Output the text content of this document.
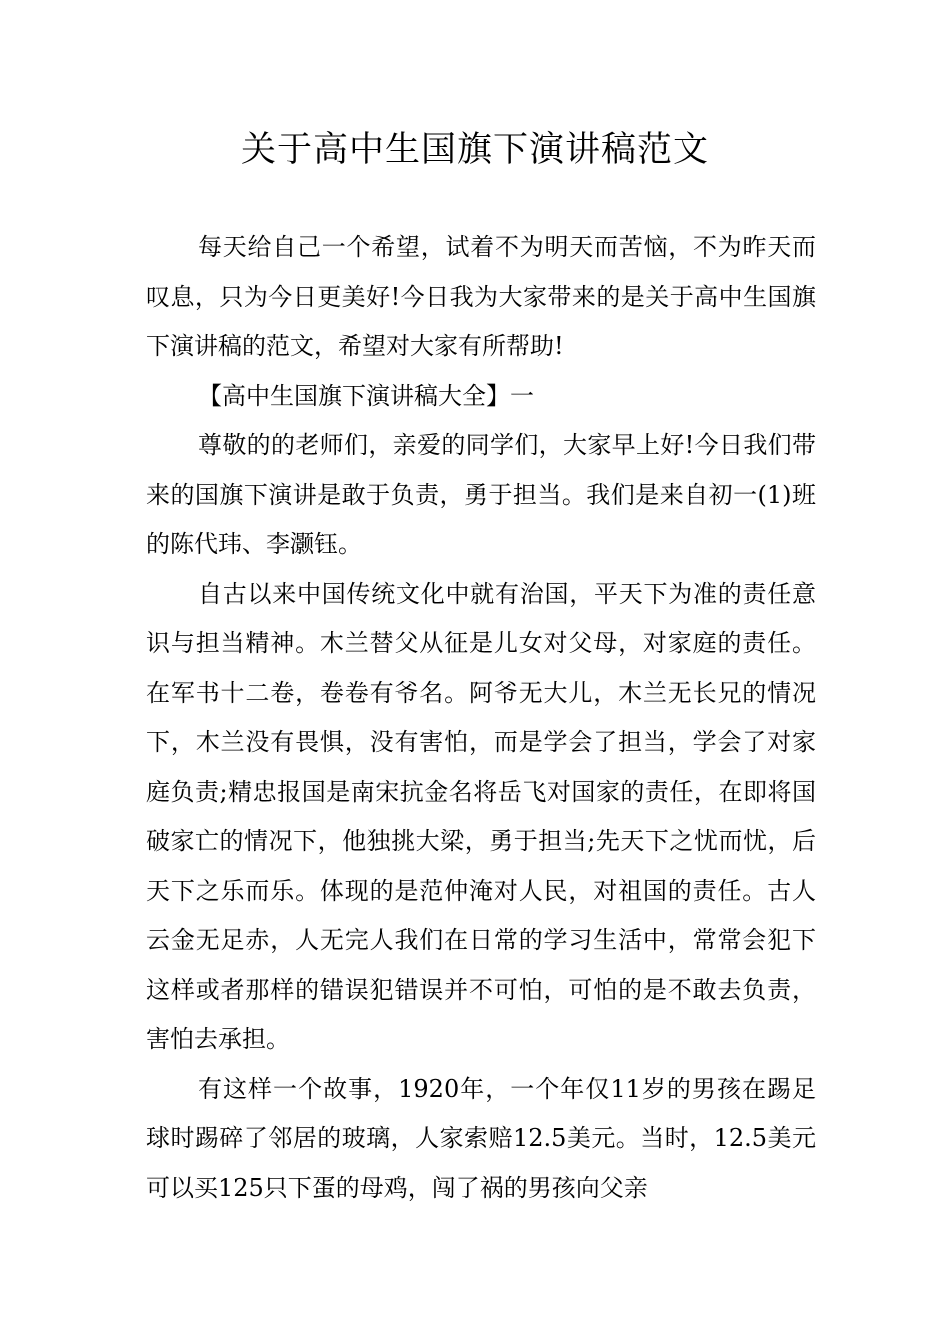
关于高中生国旗下演讲稿范文

每天给自己一个希望，试着不为明天而苦恼，不为昨天而叹息，只为今日更美好!今日我为大家带来的是关于高中生国旗下演讲稿的范文，希望对大家有所帮助!

【高中生国旗下演讲稿大全】一

尊敬的的老师们，亲爱的同学们，大家早上好!今日我们带来的国旗下演讲是敢于负责，勇于担当。我们是来自初一(1)班的陈代玮、李灏钰。

自古以来中国传统文化中就有治国，平天下为准的责任意识与担当精神。木兰替父从征是儿女对父母，对家庭的责任。在军书十二卷，卷卷有爷名。阿爷无大儿，木兰无长兄的情况下，木兰没有畏惧，没有害怕，而是学会了担当，学会了对家庭负责;精忠报国是南宋抗金名将岳飞对国家的责任，在即将国破家亡的情况下，他独挑大梁，勇于担当;先天下之忧而忧，后天下之乐而乐。体现的是范仲淹对人民，对祖国的责任。古人云金无足赤，人无完人我们在日常的学习生活中，常常会犯下这样或者那样的错误犯错误并不可怕，可怕的是不敢去负责，害怕去承担。

有这样一个故事，1920年，一个年仅11岁的男孩在踢足球时踢碎了邻居的玻璃，人家索赔12.5美元。当时，12.5美元可以买125只下蛋的母鸡，闯了祸的男孩向父亲
